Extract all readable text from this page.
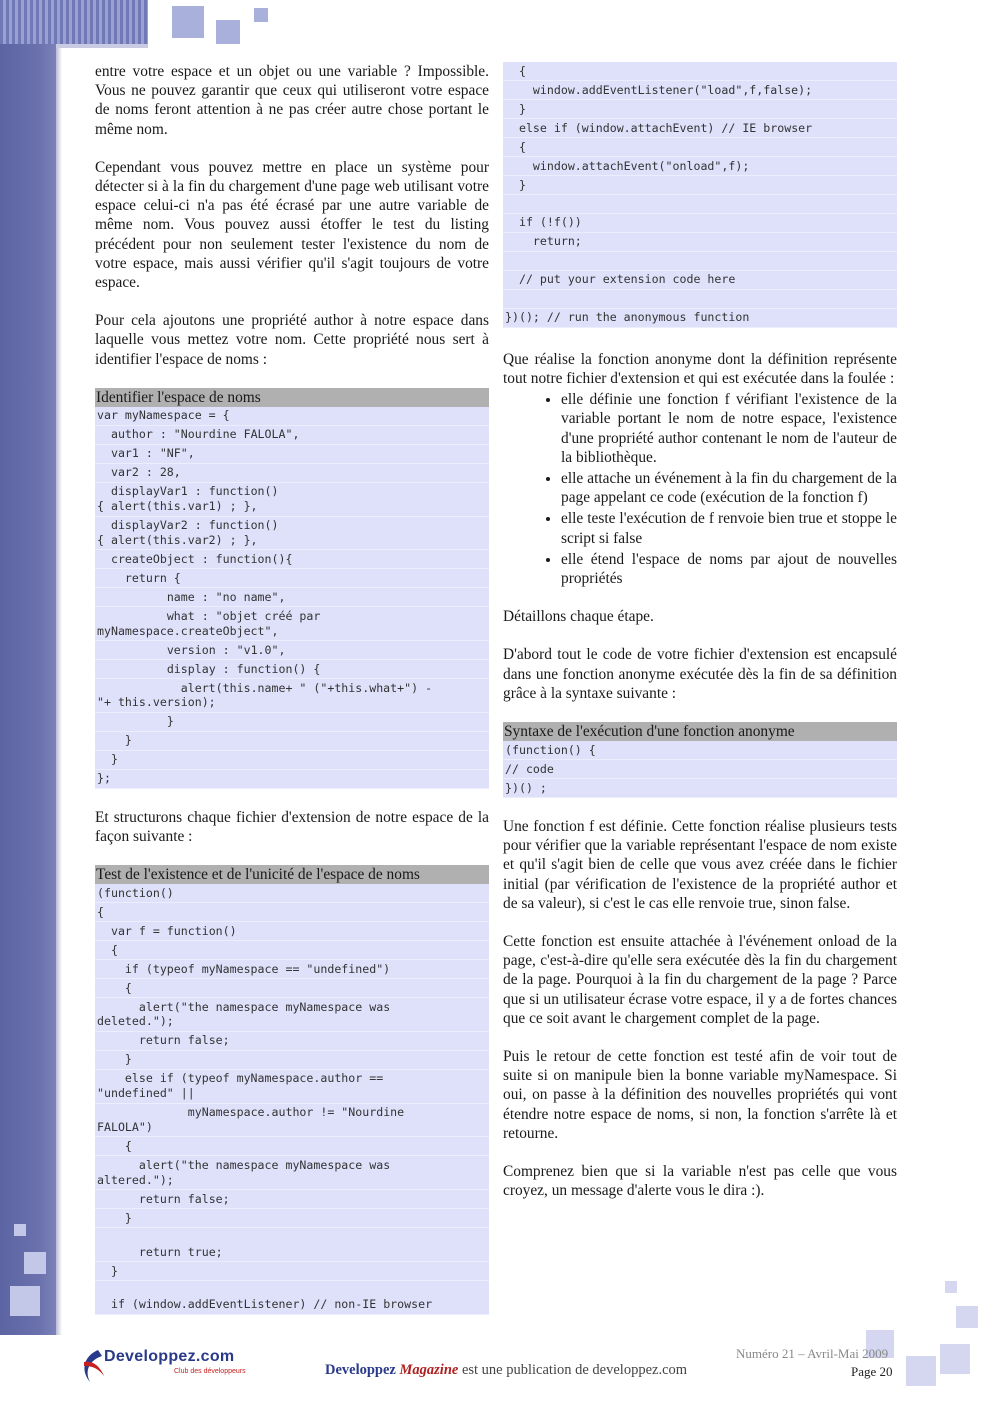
entre votre espace et un objet ou une variable ? Impossible. Vous ne pouvez garantir que ceux qui utiliseront votre espace de noms feront attention à ne pas créer autre chose portant le même nom.

Cependant vous pouvez mettre en place un système pour détecter si à la fin du chargement d'une page web utilisant votre espace celui-ci n'a pas été écrasé par une autre variable de même nom. Vous pouvez aussi étoffer le test du listing précédent pour non seulement tester l'existence du nom de votre espace, mais aussi vérifier qu'il s'agit toujours de votre espace.

Pour cela ajoutons une propriété author à notre espace dans laquelle vous mettez votre nom. Cette propriété nous sert à identifier l'espace de noms :

Identifier l'espace de noms
var myNamespace = {
author : "Nourdine FALOLA",
var1 : "NF",
var2 : 28,
displayVar1 : function()
{ alert(this.var1) ; },
displayVar2 : function()
{ alert(this.var2) ; },
createObject : function(){
return {
name : "no name",
what : "objet créé par
myNamespace.createObject",
version : "v1.0",
display : function() {
alert(this.name+ " ("+this.what+") -
"+ this.version);
}
}
}
};

Et structurons chaque fichier d'extension de notre espace de la façon suivante :

Test de l'existence et de l'unicité de l'espace de noms
(function()
{
var f = function()
{
if (typeof myNamespace == "undefined")
{
alert("the namespace myNamespace was
deleted.");
return false;
}
else if (typeof myNamespace.author ==
"undefined" ||
myNamespace.author != "Nourdine
FALOLA")
{
alert("the namespace myNamespace was
altered.");
return false;
}

return true;
}

if (window.addEventListener) // non-IE browser
{
window.addEventListener("load",f,false);
}
else if (window.attachEvent) // IE browser
{
window.attachEvent("onload",f);
}
if (!f())
return;
// put your extension code here
})(); // run the anonymous function

Que réalise la fonction anonyme dont la définition représente tout notre fichier d'extension et qui est exécutée dans la foulée :

• elle définie une fonction f vérifiant l'existence de la variable portant le nom de notre espace, l'existence d'une propriété author contenant le nom de l'auteur de la bibliothèque.
• elle attache un événement à la fin du chargement de la page appelant ce code (exécution de la fonction f)
• elle teste l'exécution de f renvoie bien true et stoppe le script si false
• elle étend l'espace de noms par ajout de nouvelles propriétés

Détaillons chaque étape.

D'abord tout le code de votre fichier d'extension est encapsulé dans une fonction anonyme exécutée dès la fin de sa définition grâce à la syntaxe suivante :

Syntaxe de l'exécution d'une fonction anonyme
(function() {
// code
})() ;

Une fonction f est définie. Cette fonction réalise plusieurs tests pour vérifier que la variable représentant l'espace de nom existe et qu'il s'agit bien de celle que vous avez créée dans le fichier initial (par vérification de l'existence de la propriété author et de sa valeur), si c'est le cas elle renvoie true, sinon false.

Cette fonction est ensuite attachée à l'événement onload de la page, c'est-à-dire qu'elle sera exécutée dès la fin du chargement de la page. Pourquoi à la fin du chargement de la page ? Parce que si un utilisateur écrase votre espace, il y a de fortes chances que ce soit avant le chargement complet de la page.

Puis le retour de cette fonction est testé afin de voir tout de suite si on manipule bien la bonne variable myNamespace. Si oui, on passe à la définition des nouvelles propriétés qui vont étendre notre espace de noms, si non, la fonction s'arrête là et retourne.

Comprenez bien que si la variable n'est pas celle que vous croyez, un message d'alerte vous le dira :).

Developpez.com
Club des développeurs	Developpez Magazine est une publication de developpez.com
Numéro 21 – Avril-Mai 2009
Page 20
